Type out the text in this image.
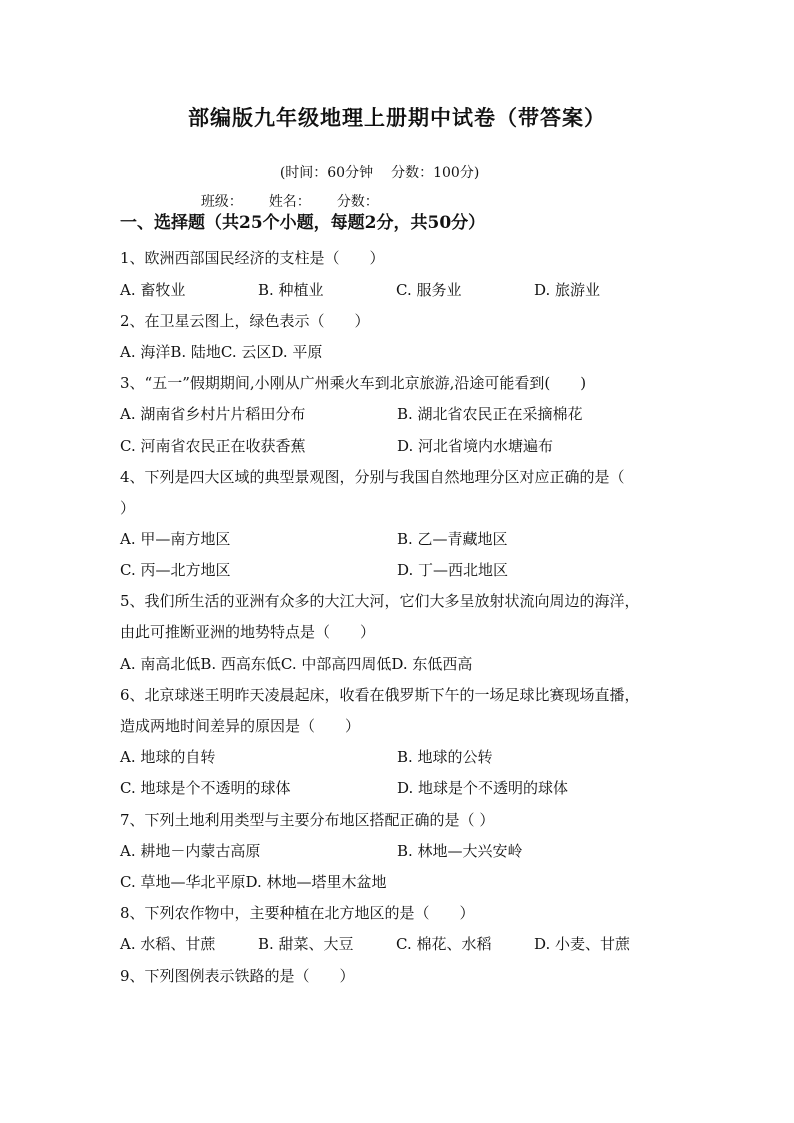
部编版九年级地理上册期中试卷（带答案）

(时间：60分钟 分数：100分)

班级： 姓名： 分数：

一、选择题（共25个小题，每题2分，共50分）
1、欧洲西部国民经济的支柱是（　　）
A. 畜牧业	B. 种植业	C. 服务业	D. 旅游业
2、在卫星云图上，绿色表示（　　）
A. 海洋B. 陆地C. 云区D. 平原
3、“五一”假期期间,小刚从广州乘火车到北京旅游,沿途可能看到(　　)
A. 湖南省乡村片片稻田分布	B. 湖北省农民正在采摘棉花
C. 河南省农民正在收获香蕉	D. 河北省境内水塘遍布
4、下列是四大区域的典型景观图，分别与我国自然地理分区对应正确的是（
）
A. 甲—南方地区	B. 乙—青藏地区
C. 丙—北方地区	D. 丁—西北地区
5、我们所生活的亚洲有众多的大江大河，它们大多呈放射状流向周边的海洋，
由此可推断亚洲的地势特点是（　　）
A. 南高北低B. 西高东低C. 中部高四周低D. 东低西高
6、北京球迷王明昨天凌晨起床，收看在俄罗斯下午的一场足球比赛现场直播，
造成两地时间差异的原因是（　　）
A. 地球的自转	B. 地球的公转
C. 地球是个不透明的球体	D. 地球是个不透明的球体
7、下列土地利用类型与主要分布地区搭配正确的是（ ）
A. 耕地－内蒙古高原	B. 林地—大兴安岭
C. 草地—华北平原D. 林地—塔里木盆地
8、下列农作物中，主要种植在北方地区的是（　　）
A. 水稻、甘蔗	B. 甜菜、大豆	C. 棉花、水稻	D. 小麦、甘蔗
9、下列图例表示铁路的是（　　）
